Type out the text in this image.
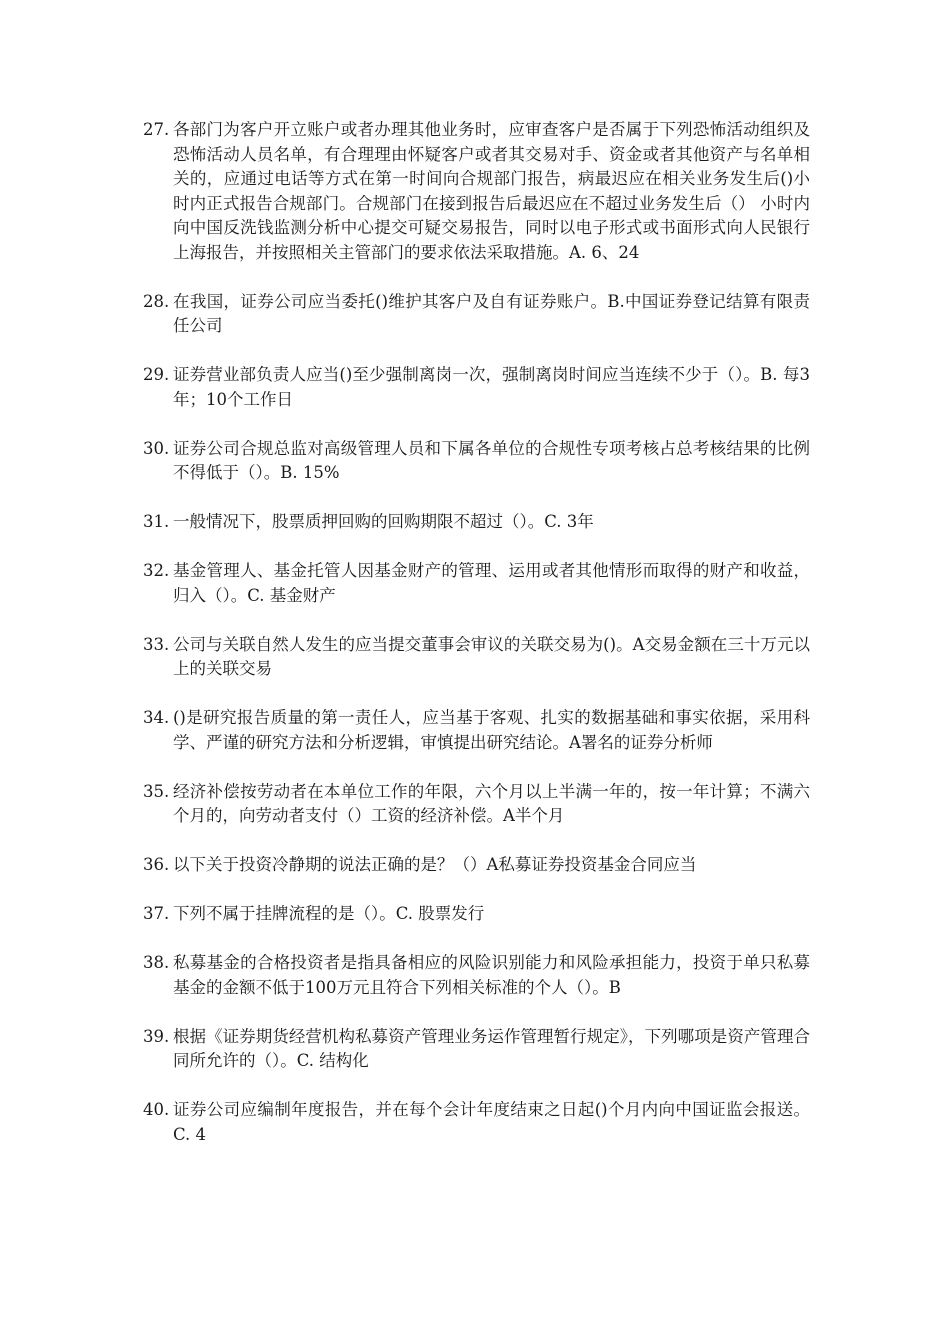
27. 各部门为客户开立账户或者办理其他业务时，应审查客户是否属于下列恐怖活动组织及恐怖活动人员名单，有合理理由怀疑客户或者其交易对手、资金或者其他资产与名单相关的，应通过电话等方式在第一时间向合规部门报告，病最迟应在相关业务发生后()小时内正式报告合规部门。合规部门在接到报告后最迟应在不超过业务发生后（） 小时内向中国反洗钱监测分析中心提交可疑交易报告，同时以电子形式或书面形式向人民银行上海报告，并按照相关主管部门的要求依法采取措施。A. 6、24
28. 在我国，证券公司应当委托()维护其客户及自有证券账户。B.中国证券登记结算有限责任公司
29. 证券营业部负责人应当()至少强制离岗一次，强制离岗时间应当连续不少于（）。B. 每3年；10个工作日
30. 证券公司合规总监对高级管理人员和下属各单位的合规性专项考核占总考核结果的比例不得低于（）。B. 15%
31. 一般情况下，股票质押回购的回购期限不超过（）。C. 3年
32. 基金管理人、基金托管人因基金财产的管理、运用或者其他情形而取得的财产和收益，归入（）。C. 基金财产
33. 公司与关联自然人发生的应当提交董事会审议的关联交易为()。A交易金额在三十万元以上的关联交易
34. ()是研究报告质量的第一责任人，应当基于客观、扎实的数据基础和事实依据，采用科学、严谨的研究方法和分析逻辑，审慎提出研究结论。A署名的证券分析师
35. 经济补偿按劳动者在本单位工作的年限，六个月以上半满一年的，按一年计算；不满六个月的，向劳动者支付（）工资的经济补偿。A半个月
36. 以下关于投资冷静期的说法正确的是？（）A私募证券投资基金合同应当
37. 下列不属于挂牌流程的是（）。C. 股票发行
38. 私募基金的合格投资者是指具备相应的风险识别能力和风险承担能力，投资于单只私募基金的金额不低于100万元且符合下列相关标准的个人（）。B
39. 根据《证券期货经营机构私募资产管理业务运作管理暂行规定》，下列哪项是资产管理合同所允许的（）。C. 结构化
40. 证券公司应编制年度报告，并在每个会计年度结束之日起()个月内向中国证监会报送。C. 4
